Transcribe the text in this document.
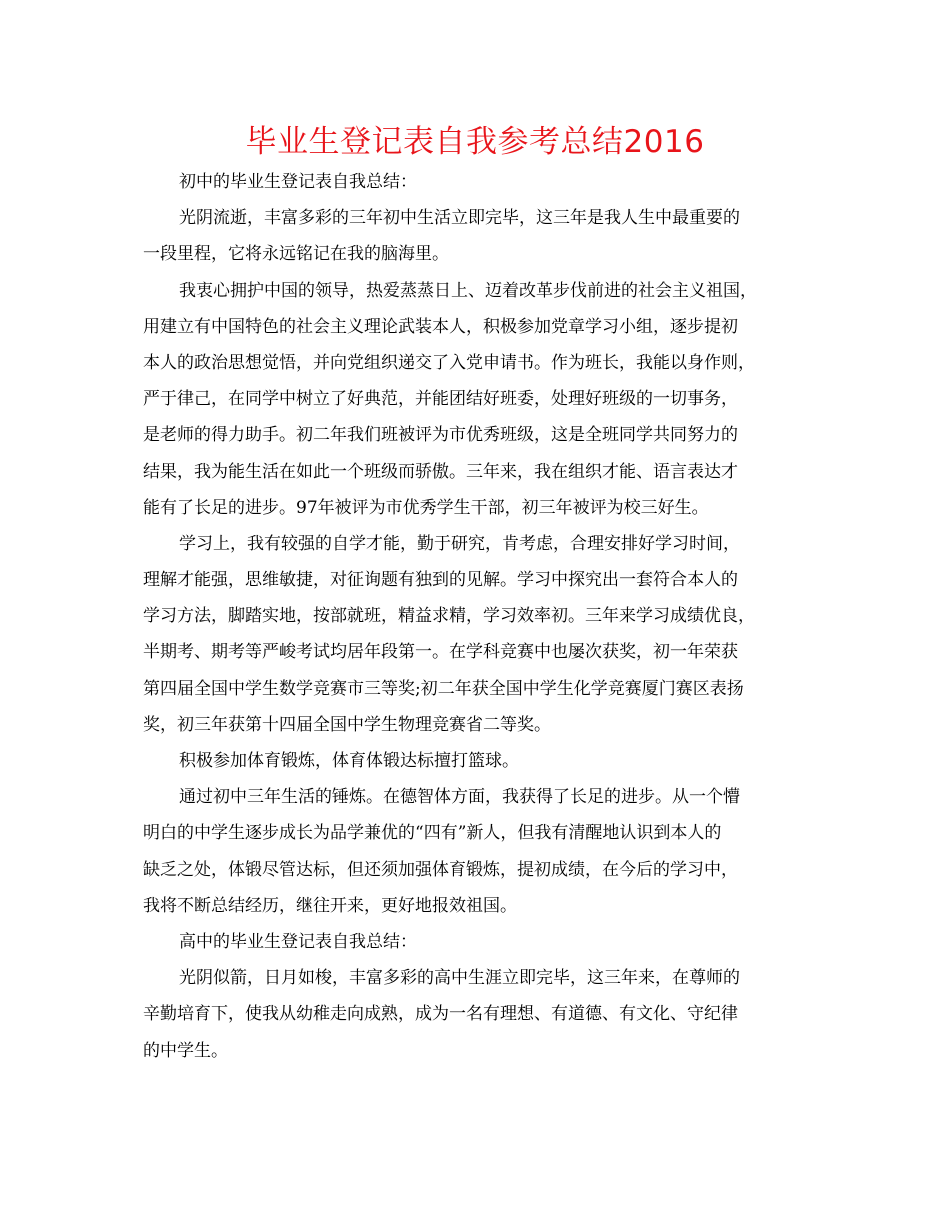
毕业生登记表自我参考总结2016
初中的毕业生登记表自我总结：
光阴流逝，丰富多彩的三年初中生活立即完毕，这三年是我人生中最重要的
一段里程，它将永远铭记在我的脑海里。
我衷心拥护中国的领导，热爱蒸蒸日上、迈着改革步伐前进的社会主义祖国，
用建立有中国特色的社会主义理论武装本人，积极参加党章学习小组，逐步提初
本人的政治思想觉悟，并向党组织递交了入党申请书。作为班长，我能以身作则，
严于律己，在同学中树立了好典范，并能团结好班委，处理好班级的一切事务，
是老师的得力助手。初二年我们班被评为市优秀班级，这是全班同学共同努力的
结果，我为能生活在如此一个班级而骄傲。三年来，我在组织才能、语言表达才
能有了长足的进步。97年被评为市优秀学生干部，初三年被评为校三好生。
学习上，我有较强的自学才能，勤于研究，肯考虑，合理安排好学习时间，
理解才能强，思维敏捷，对征询题有独到的见解。学习中探究出一套符合本人的
学习方法，脚踏实地，按部就班，精益求精，学习效率初。三年来学习成绩优良，
半期考、期考等严峻考试均居年段第一。在学科竞赛中也屡次获奖，初一年荣获
第四届全国中学生数学竞赛市三等奖;初二年获全国中学生化学竞赛厦门赛区表扬
奖，初三年获第十四届全国中学生物理竞赛省二等奖。
积极参加体育锻炼，体育体锻达标擅打篮球。
通过初中三年生活的锤炼。在德智体方面，我获得了长足的进步。从一个懵
明白的中学生逐步成长为品学兼优的“四有”新人，但我有清醒地认识到本人的
缺乏之处，体锻尽管达标，但还须加强体育锻炼，提初成绩，在今后的学习中，
我将不断总结经历，继往开来，更好地报效祖国。
高中的毕业生登记表自我总结：
光阴似箭，日月如梭，丰富多彩的高中生涯立即完毕，这三年来，在尊师的
辛勤培育下，使我从幼稚走向成熟，成为一名有理想、有道德、有文化、守纪律
的中学生。
